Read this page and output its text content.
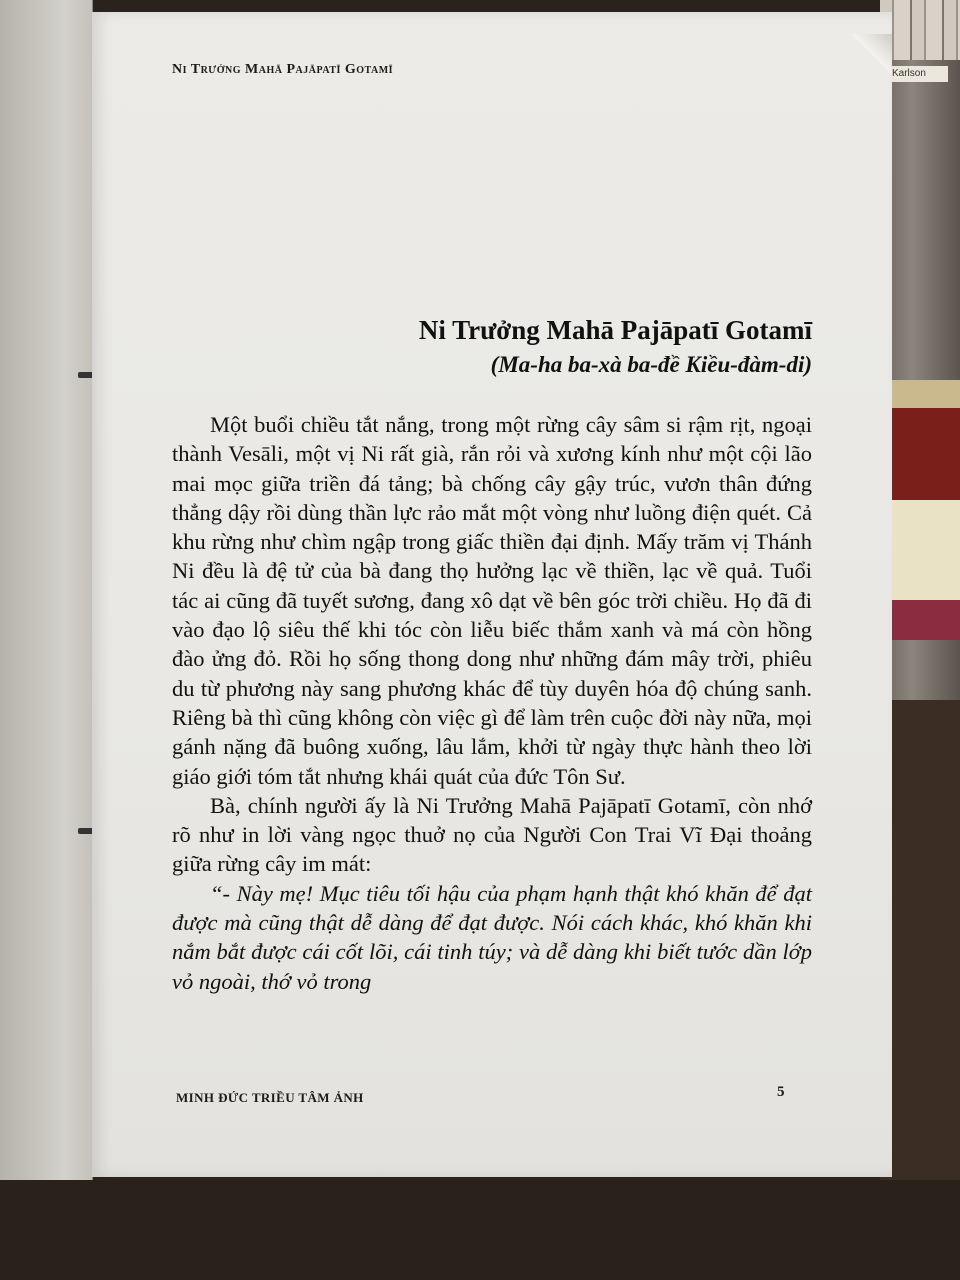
Karlson
Ni Trưởng Mahā Pajāpatī Gotamī
Ni Trưởng Mahā Pajāpatī Gotamī
(Ma-ha ba-xà ba-đề Kiều-đàm-di)

Một buổi chiều tắt nắng, trong một rừng cây sâm si rậm rịt, ngoại thành Vesāli, một vị Ni rất già, rắn rỏi và xương kính như một cội lão mai mọc giữa triền đá tảng; bà chống cây gậy trúc, vươn thân đứng thẳng dậy rồi dùng thần lực rảo mắt một vòng như luồng điện quét. Cả khu rừng như chìm ngập trong giấc thiền đại định. Mấy trăm vị Thánh Ni đều là đệ tử của bà đang thọ hưởng lạc về thiền, lạc về quả. Tuổi tác ai cũng đã tuyết sương, đang xô dạt về bên góc trời chiều. Họ đã đi vào đạo lộ siêu thế khi tóc còn liễu biếc thắm xanh và má còn hồng đào ửng đỏ. Rồi họ sống thong dong như những đám mây trời, phiêu du từ phương này sang phương khác để tùy duyên hóa độ chúng sanh. Riêng bà thì cũng không còn việc gì để làm trên cuộc đời này nữa, mọi gánh nặng đã buông xuống, lâu lắm, khởi từ ngày thực hành theo lời giáo giới tóm tắt nhưng khái quát của đức Tôn Sư.

Bà, chính người ấy là Ni Trưởng Mahā Pajāpatī Gotamī, còn nhớ rõ như in lời vàng ngọc thuở nọ của Người Con Trai Vĩ Đại thoảng giữa rừng cây im mát:

“- Này mẹ! Mục tiêu tối hậu của phạm hạnh thật khó khăn để đạt được mà cũng thật dễ dàng để đạt được. Nói cách khác, khó khăn khi nắm bắt được cái cốt lõi, cái tinh túy; và dễ dàng khi biết tước dần lớp vỏ ngoài, thớ vỏ trong

MINH ĐỨC TRIỀU TÂM ẢNH	5
